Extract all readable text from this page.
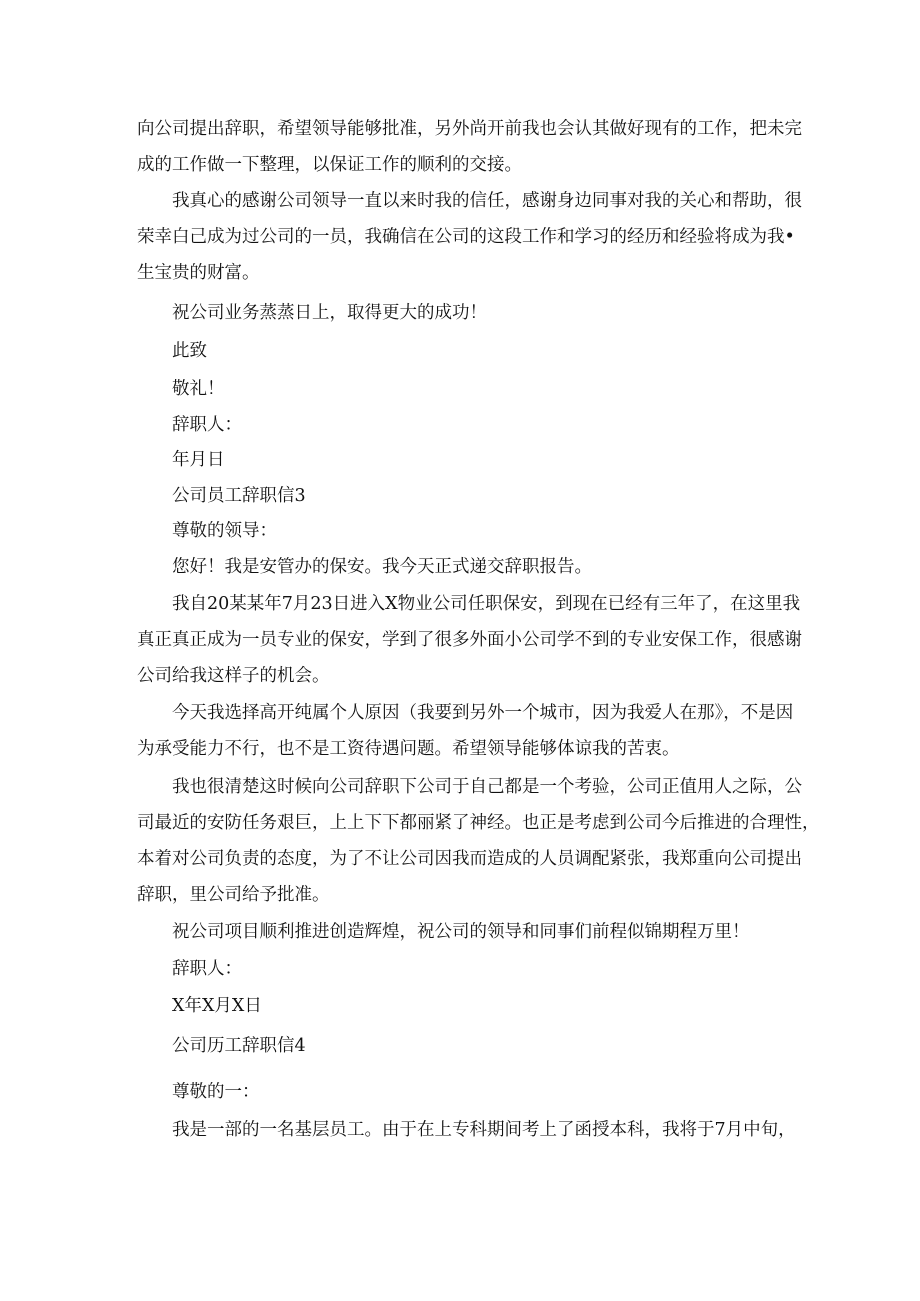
向公司提出辞职，希望领导能够批准，另外尚开前我也会认其做好现有的工作，把未完

成的工作做一下整理，以保证工作的顺利的交接。

我真心的感谢公司领导一直以来时我的信任，感谢身边同事对我的关心和帮助，很

荣幸白己成为过公司的一员，我确信在公司的这段工作和学习的经历和经验将成为我•

生宝贵的财富。

祝公司业务蒸蒸日上，取得更大的成功！

此致

敬礼！

辞职人：

年月日

公司员工辞职信3

尊敬的领导：

您好！我是安管办的保安。我今天正式递交辞职报告。

我自20某某年7月23日进入X物业公司任职保安，到现在已经有三年了，在这里我

真正真正成为一员专业的保安，学到了很多外面小公司学不到的专业安保工作，很感谢

公司给我这样子的机会。

今天我选择高开纯属个人原因（我要到另外一个城市，因为我爱人在那》，不是因

为承受能力不行，也不是工资待遇问题。希望领导能够体谅我的苦衷。

我也很清楚这时候向公司辞职下公司于自己都是一个考验，公司正值用人之际，公

司最近的安防任务艰巨，上上下下都丽紧了神经。也正是考虑到公司今后推进的合理性，

本着对公司负责的态度，为了不让公司因我而造成的人员调配紧张，我郑重向公司提出

辞职，里公司给予批准。

祝公司项目顺利推进创造辉煌，祝公司的领导和同事们前程似锦期程万里！

辞职人：

X年X月X日

公司历工辞职信4

尊敬的一：

我是一部的一名基层员工。由于在上专科期间考上了函授本科，我将于7月中旬，
